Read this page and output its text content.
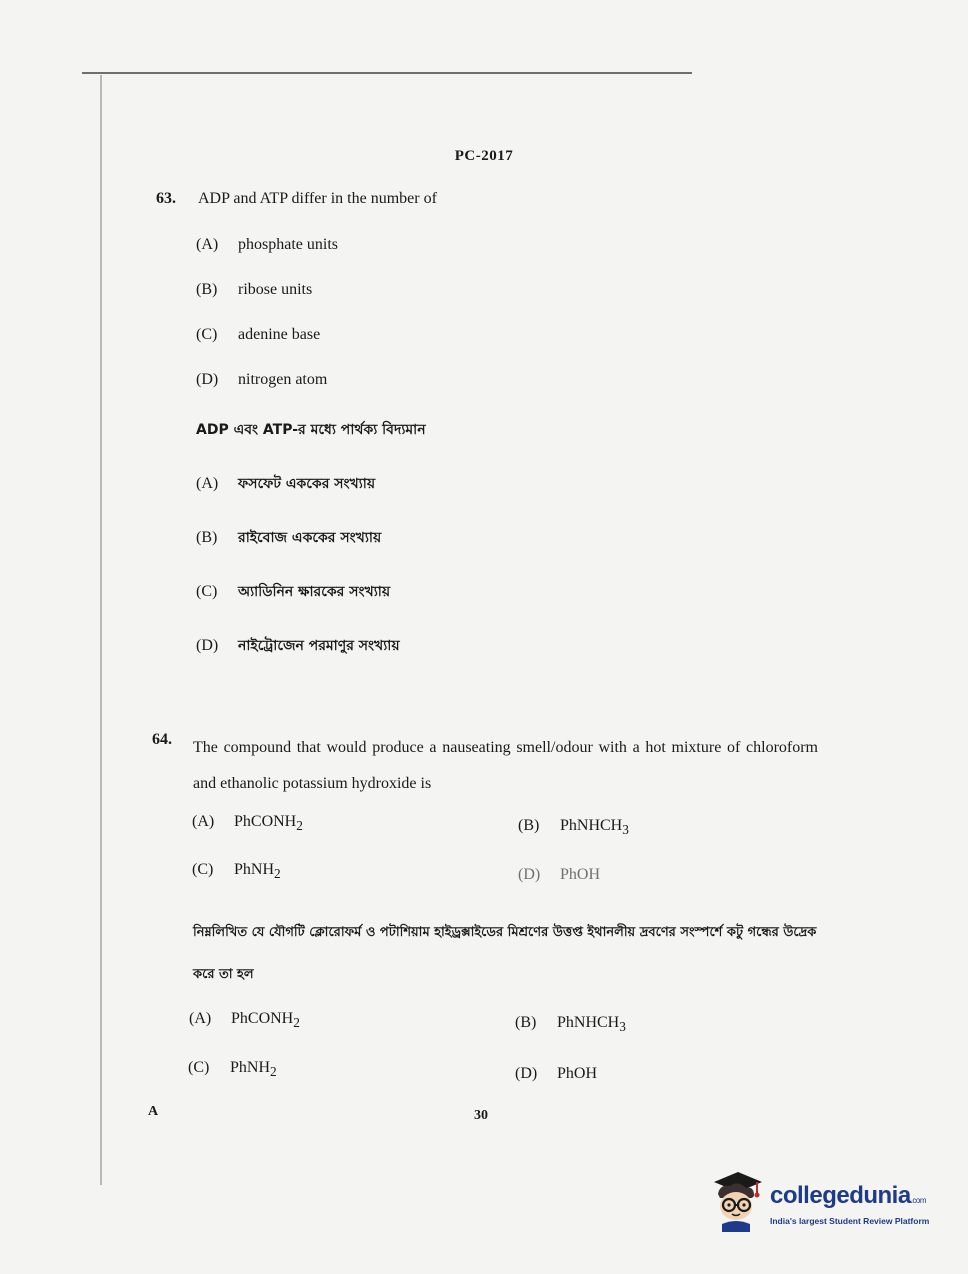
PC-2017
63. ADP and ATP differ in the number of
(A) phosphate units
(B) ribose units
(C) adenine base
(D) nitrogen atom
ADP এবং ATP-র মধ্যে পার্থক্য বিদ্যমান
(A) ফসফেট এককের সংখ্যায়
(B) রাইবোজ এককের সংখ্যায়
(C) অ্যাডিনিন ক্ষারকের সংখ্যায়
(D) নাইট্রোজেন পরমাণুর সংখ্যায়
64. The compound that would produce a nauseating smell/odour with a hot mixture of chloroform and ethanolic potassium hydroxide is
(A) PhCONH$_2$	(B) PhNHCH$_3$
(C) PhNH$_2$	(D) PhOH
নিম্নলিখিত যে যৌগটি ক্লোরোফর্ম ও পটাশিয়াম হাইড্রক্সাইডের মিশ্রণের উত্তপ্ত ইথানলীয় দ্রবণের সংস্পর্শে কটু গন্ধের উদ্রেক করে তা হল
(A) PhCONH$_2$	(B) PhNHCH$_3$
(C) PhNH$_2$	(D) PhOH
A	30
collegedunia.com
India's largest Student Review Platform
